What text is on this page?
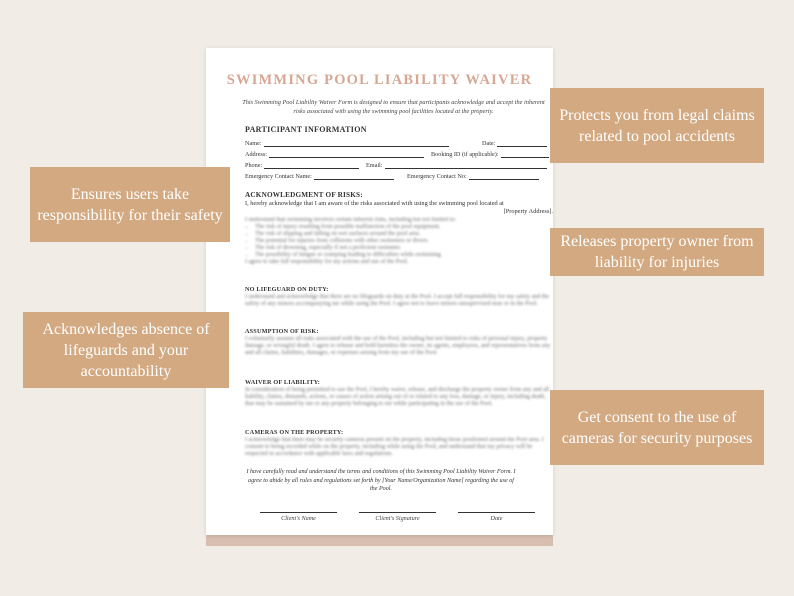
SWIMMING POOL LIABILITY WAIVER
This Swimming Pool Liability Waiver Form is designed to ensure that participants acknowledge and accept the inherent risks associated with using the swimming pool facilities located at the property.
PARTICIPANT INFORMATION
Name:	Date:
Address:	Booking ID (if applicable):
Phone:	Email:
Emergency Contact Name:	Emergency Contact No:
ACKNOWLEDGMENT OF RISKS:
I, hereby acknowledge that I am aware of the risks associated with using the swimming pool located at
[Property Address].

I understand that swimming involves certain inherent risks, including but not limited to:

• The risk of injury resulting from possible malfunction of the pool equipment.
• The risk of slipping and falling on wet surfaces around the pool area.
• The potential for injuries from collisions with other swimmers or divers.
• The risk of drowning, especially if not a proficient swimmer.
• The possibility of fatigue or cramping leading to difficulties while swimming.

I agree to take full responsibility for my actions and use of the Pool.

NO LIFEGUARD ON DUTY:
I understand and acknowledge that there are no lifeguards on duty at the Pool. I accept full responsibility for my safety and the safety of any minors accompanying me while using the Pool. I agree not to leave minors unsupervised near or in the Pool.
ASSUMPTION OF RISK:
I voluntarily assume all risks associated with the use of the Pool, including but not limited to risks of personal injury, property damage, or wrongful death. I agree to release and hold harmless the owner, its agents, employees, and representatives from any and all claims, liabilities, damages, or expenses arising from my use of the Pool.
WAIVER OF LIABILITY:
In consideration of being permitted to use the Pool, I hereby waive, release, and discharge the property owner from any and all liability, claims, demands, actions, or causes of action arising out of or related to any loss, damage, or injury, including death, that may be sustained by me or any property belonging to me while participating in the use of the Pool.
CAMERAS ON THE PROPERTY:
I acknowledge that there may be security cameras present on the property, including those positioned around the Pool area. I consent to being recorded while on the property, including while using the Pool, and understand that my privacy will be respected in accordance with applicable laws and regulations.
I have carefully read and understand the terms and conditions of this Swimming Pool Liability Waiver Form. I agree to abide by all rules and regulations set forth by [Your Name/Organization Name] regarding the use of the Pool.
Client's Name	Client's Signature	Date
Protects you from legal claims related to pool accidents
Ensures users take responsibility for their safety
Releases property owner from liability for injuries
Acknowledges absence of lifeguards and your accountability
Get consent to the use of cameras for security purposes
